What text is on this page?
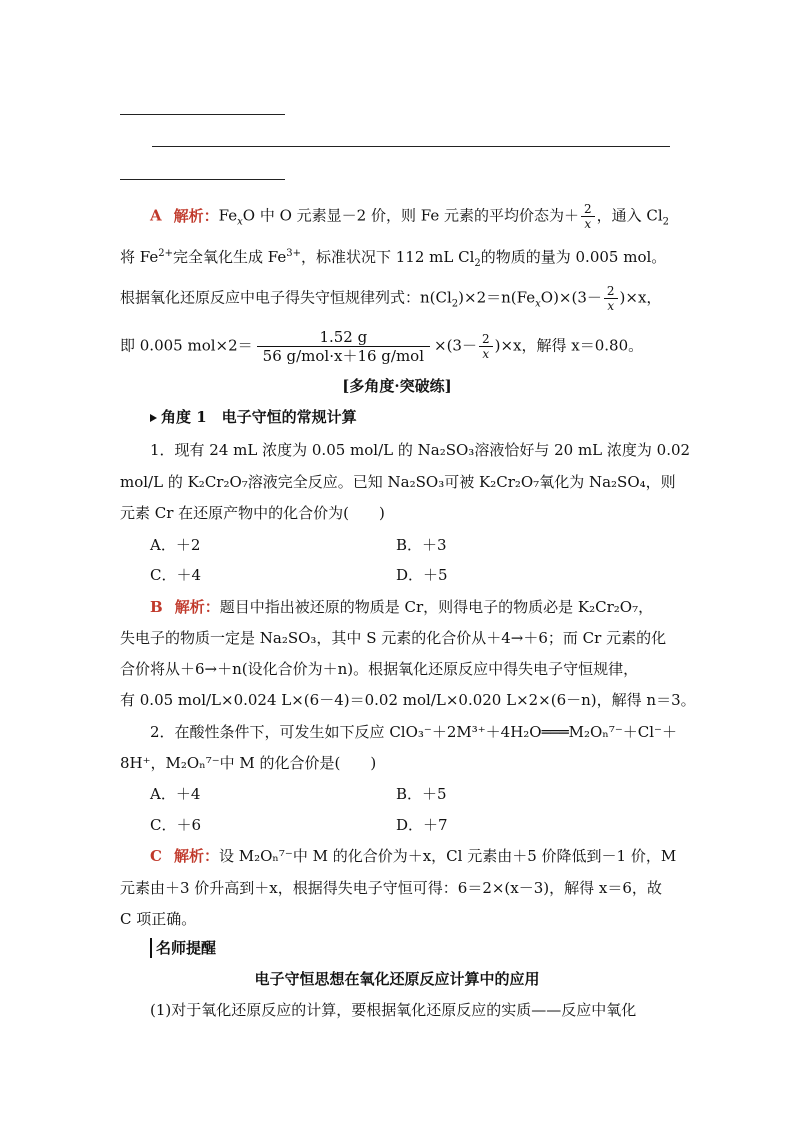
A 解析：$Fe_xO$ 中 O 元素显－2 价，则 Fe 元素的平均价态为＋ $\frac{2}{x}$ ，通入 $Cl_2$
将 $Fe^{2+}$完全氧化生成 $Fe^{3+}$，标准状况下 112 mL $Cl_2$的物质的量为 0.005 mol。
根据氧化还原反应中电子得失守恒规律列式：$n(Cl_2)\times 2=n(Fe_xO)\times(3- \frac{2}{x} )\times x$，
即 0.005 $mol\times 2= \frac{1.52 g}{\text{56 g/mol·x＋16 g/mol}} \times(3- \frac{2}{x} )\times x$，解得 x＝0.80。
[多角度·突破练]
角度 1　电子守恒的常规计算
1．现有 24 mL 浓度为 0.05 mol/L 的 Na₂SO₃溶液恰好与 20 mL 浓度为 0.02
mol/L 的 K₂Cr₂O₇溶液完全反应。已知 Na₂SO₃可被 K₂Cr₂O₇氧化为 Na₂SO₄，则
元素 Cr 在还原产物中的化合价为(　　)
A．＋2	B．＋3
C．＋4	D．＋5
B 解析：题目中指出被还原的物质是 Cr，则得电子的物质必是 K₂Cr₂O₇，
失电子的物质一定是 Na₂SO₃，其中 S 元素的化合价从＋4→＋6；而 Cr 元素的化
合价将从＋6→＋n(设化合价为＋n)。根据氧化还原反应中得失电子守恒规律，
有 0.05 mol/L×0.024 L×(6－4)＝0.02 mol/L×0.020 L×2×(6－n)，解得 n＝3。
2．在酸性条件下，可发生如下反应 ClO₃⁻＋2M³⁺＋4H₂O═══M₂Oₙ⁷⁻＋Cl⁻＋
8H⁺，M₂Oₙ⁷⁻中 M 的化合价是(　　)
A．＋4	B．＋5
C．＋6	D．＋7
C 解析：设 M₂Oₙ⁷⁻中 M 的化合价为＋x，Cl 元素由＋5 价降低到－1 价，M
元素由＋3 价升高到＋x，根据得失电子守恒可得：6＝2×(x－3)，解得 x＝6，故
C 项正确。
名师提醒
电子守恒思想在氧化还原反应计算中的应用
(1)对于氧化还原反应的计算，要根据氧化还原反应的实质——反应中氧化
